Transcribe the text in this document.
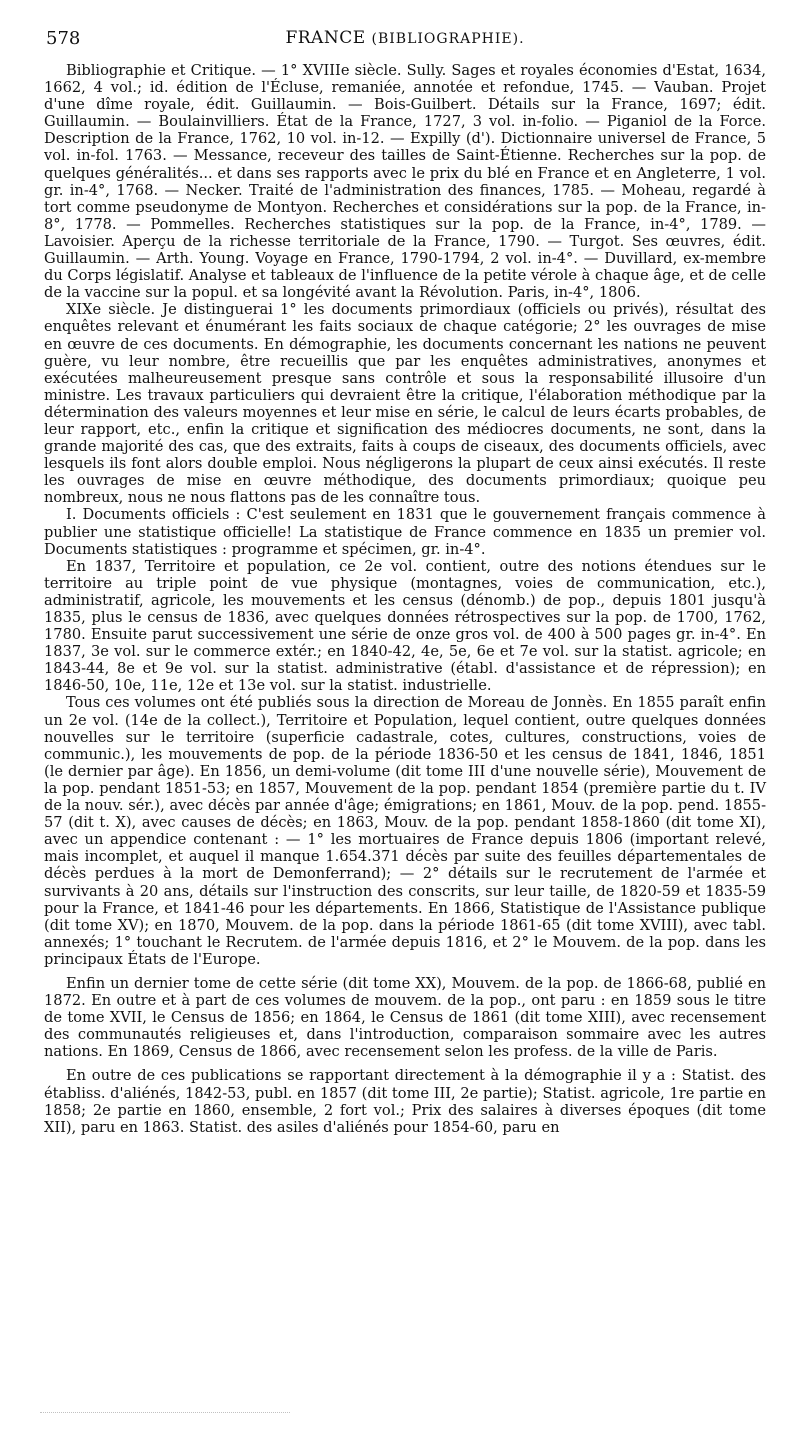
578	FRANCE (BIBLIOGRAPHIE).

Bibliographie et Critique. — 1° XVIIIe siècle. Sully. Sages et royales économies d'Estat, 1634, 1662, 4 vol.; id. édition de l'Écluse, remaniée, annotée et refondue, 1745. — Vauban. Projet d'une dîme royale, édit. Guillaumin. — Bois-Guilbert. Détails sur la France, 1697; édit. Guillaumin. — Boulainvilliers. État de la France, 1727, 3 vol. in-folio. — Piganiol de la Force. Description de la France, 1762, 10 vol. in-12. — Expilly (d'). Dictionnaire universel de France, 5 vol. in-fol. 1763. — Messance, receveur des tailles de Saint-Étienne. Recherches sur la pop. de quelques généralités... et dans ses rapports avec le prix du blé en France et en Angleterre, 1 vol. gr. in-4°, 1768. — Necker. Traité de l'administration des finances, 1785. — Moheau, regardé à tort comme pseudonyme de Montyon. Recherches et considérations sur la pop. de la France, in-8°, 1778. — Pommelles. Recherches statistiques sur la pop. de la France, in-4°, 1789. — Lavoisier. Aperçu de la richesse territoriale de la France, 1790. — Turgot. Ses œuvres, édit. Guillaumin. — Arth. Young. Voyage en France, 1790-1794, 2 vol. in-4°. — Duvillard, ex-membre du Corps législatif. Analyse et tableaux de l'influence de la petite vérole à chaque âge, et de celle de la vaccine sur la popul. et sa longévité avant la Révolution. Paris, in-4°, 1806.

XIXe siècle. Je distinguerai 1° les documents primordiaux (officiels ou privés), résultat des enquêtes relevant et énumérant les faits sociaux de chaque catégorie; 2° les ouvrages de mise en œuvre de ces documents. En démographie, les documents concernant les nations ne peuvent guère, vu leur nombre, être recueillis que par les enquêtes administratives, anonymes et exécutées malheureusement presque sans contrôle et sous la responsabilité illusoire d'un ministre. Les travaux particuliers qui devraient être la critique, l'élaboration méthodique par la détermination des valeurs moyennes et leur mise en série, le calcul de leurs écarts probables, de leur rapport, etc., enfin la critique et signification des médiocres documents, ne sont, dans la grande majorité des cas, que des extraits, faits à coups de ciseaux, des documents officiels, avec lesquels ils font alors double emploi. Nous négligerons la plupart de ceux ainsi exécutés. Il reste les ouvrages de mise en œuvre méthodique, des documents primordiaux; quoique peu nombreux, nous ne nous flattons pas de les connaître tous.

I. Documents officiels : C'est seulement en 1831 que le gouvernement français commence à publier une statistique officielle! La statistique de France commence en 1835 un premier vol. Documents statistiques : programme et spécimen, gr. in-4°.

En 1837, Territoire et population, ce 2e vol. contient, outre des notions étendues sur le territoire au triple point de vue physique (montagnes, voies de communication, etc.), administratif, agricole, les mouvements et les census (dénomb.) de pop., depuis 1801 jusqu'à 1835, plus le census de 1836, avec quelques données rétrospectives sur la pop. de 1700, 1762, 1780. Ensuite parut successivement une série de onze gros vol. de 400 à 500 pages gr. in-4°. En 1837, 3e vol. sur le commerce extér.; en 1840-42, 4e, 5e, 6e et 7e vol. sur la statist. agricole; en 1843-44, 8e et 9e vol. sur la statist. administrative (établ. d'assistance et de répression); en 1846-50, 10e, 11e, 12e et 13e vol. sur la statist. industrielle.

Tous ces volumes ont été publiés sous la direction de Moreau de Jonnès. En 1855 paraît enfin un 2e vol. (14e de la collect.), Territoire et Population, lequel contient, outre quelques données nouvelles sur le territoire (superficie cadastrale, cotes, cultures, constructions, voies de communic.), les mouvements de pop. de la période 1836-50 et les census de 1841, 1846, 1851 (le dernier par âge). En 1856, un demi-volume (dit tome III d'une nouvelle série), Mouvement de la pop. pendant 1851-53; en 1857, Mouvement de la pop. pendant 1854 (première partie du t. IV de la nouv. sér.), avec décès par année d'âge; émigrations; en 1861, Mouv. de la pop. pend. 1855-57 (dit t. X), avec causes de décès; en 1863, Mouv. de la pop. pendant 1858-1860 (dit tome XI), avec un appendice contenant : — 1° les mortuaires de France depuis 1806 (important relevé, mais incomplet, et auquel il manque 1.654.371 décès par suite des feuilles départementales de décès perdues à la mort de Demonferrand); — 2° détails sur le recrutement de l'armée et survivants à 20 ans, détails sur l'instruction des conscrits, sur leur taille, de 1820-59 et 1835-59 pour la France, et 1841-46 pour les départements. En 1866, Statistique de l'Assistance publique (dit tome XV); en 1870, Mouvem. de la pop. dans la période 1861-65 (dit tome XVIII), avec tabl. annexés; 1° touchant le Recrutem. de l'armée depuis 1816, et 2° le Mouvem. de la pop. dans les principaux États de l'Europe.

Enfin un dernier tome de cette série (dit tome XX), Mouvem. de la pop. de 1866-68, publié en 1872. En outre et à part de ces volumes de mouvem. de la pop., ont paru : en 1859 sous le titre de tome XVII, le Census de 1856; en 1864, le Census de 1861 (dit tome XIII), avec recensement des communautés religieuses et, dans l'introduction, comparaison sommaire avec les autres nations. En 1869, Census de 1866, avec recensement selon les profess. de la ville de Paris.

En outre de ces publications se rapportant directement à la démographie il y a : Statist. des établiss. d'aliénés, 1842-53, publ. en 1857 (dit tome III, 2e partie); Statist. agricole, 1re partie en 1858; 2e partie en 1860, ensemble, 2 fort vol.; Prix des salaires à diverses époques (dit tome XII), paru en 1863. Statist. des asiles d'aliénés pour 1854-60, paru en
